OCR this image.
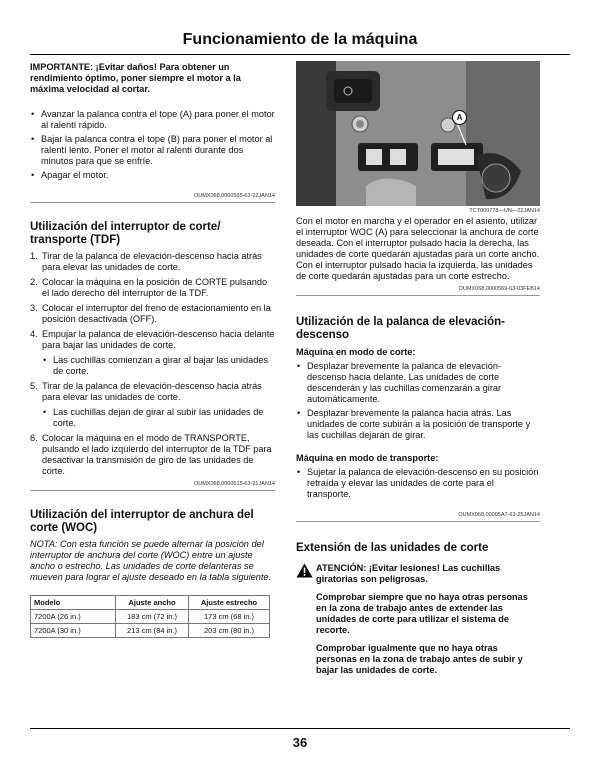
Funcionamiento de la máquina

IMPORTANTE: ¡Evitar daños! Para obtener un rendimiento óptimo, poner siempre el motor a la máxima velocidad al cortar.

• Avanzar la palanca contra el tope (A) para poner el motor al ralentí rápido.
• Bajar la palanca contra el tope (B) para poner el motor al ralentí lento. Poner el motor al ralentí durante dos minutos para que se enfríe.
• Apagar el motor.
OUMX068,0000565-63-22JAN14
Utilización del interruptor de corte/ transporte (TDF)
1. Tirar de la palanca de elevación-descenso hacia atrás para elevar las unidades de corte.
2. Colocar la máquina en la posición de CORTE pulsando el lado derecho del interruptor de la TDF.
3. Colocar el interruptor del freno de estacionamiento en la posición desactivada (OFF).
4. Empujar la palanca de elevación-descenso hacia delante para bajar las unidades de corte.
• Las cuchillas comienzan a girar al bajar las unidades de corte.
5. Tirar de la palanca de elevación-descenso hacia atrás para elevar las unidades de corte.
• Las cuchillas dejan de girar al subir las unidades de corte.
6. Colocar la máquina en el modo de TRANSPORTE, pulsando el lado izquierdo del interruptor de la TDF para desactivar la transmisión de giro de las unidades de corte.
OUMX068,0000515-63-21JAN14
Utilización del interruptor de anchura del corte (WOC)

NOTA: Con esta función se puede alternar la posición del interruptor de anchura del corte (WOC) entre un ajuste ancho o estrecho. Las unidades de corte delanteras se mueven para lograr el ajuste deseado en la tabla siguiente.

Modelo	Ajuste ancho	Ajuste estrecho
7200A (26 in.)	183 cm (72 in.)	173 cm (68 in.)
7200A (30 in.)	213 cm (84 in.)	203 cm (80 in.)
A
TCT009778—UN—22JAN14

Con el motor en marcha y el operador en el asiento, utilizar el interruptor WOC (A) para seleccionar la anchura de corte deseada. Con el interruptor pulsado hacia la derecha, las unidades de corte quedarán ajustadas para un corte ancho. Con el interruptor pulsado hacia la izquierda, las unidades de corte quedarán ajustadas para un corte estrecho.

OUMX068,0000569-63-03FEB14
Utilización de la palanca de elevación-descenso

Máquina en modo de corte:

• Desplazar brevemente la palanca de elevación-descenso hacia delante. Las unidades de corte descenderán y las cuchillas comenzarán a girar automáticamente.
• Desplazar brevemente la palanca hacia atrás. Las unidades de corte subirán a la posición de transporte y las cuchillas dejarán de girar.

Máquina en modo de transporte:

• Sujetar la palanca de elevación-descenso en su posición retraída y elevar las unidades de corte para el transporte.
OUMX068,00005A7-63-25JAN14
Extensión de las unidades de corte

ATENCIÓN: ¡Evitar lesiones! Las cuchillas giratorias son peligrosas.

Comprobar siempre que no haya otras personas en la zona de trabajo antes de extender las unidades de corte para utilizar el sistema de recorte.

Comprobar igualmente que no haya otras personas en la zona de trabajo antes de subir y bajar las unidades de corte.

36
